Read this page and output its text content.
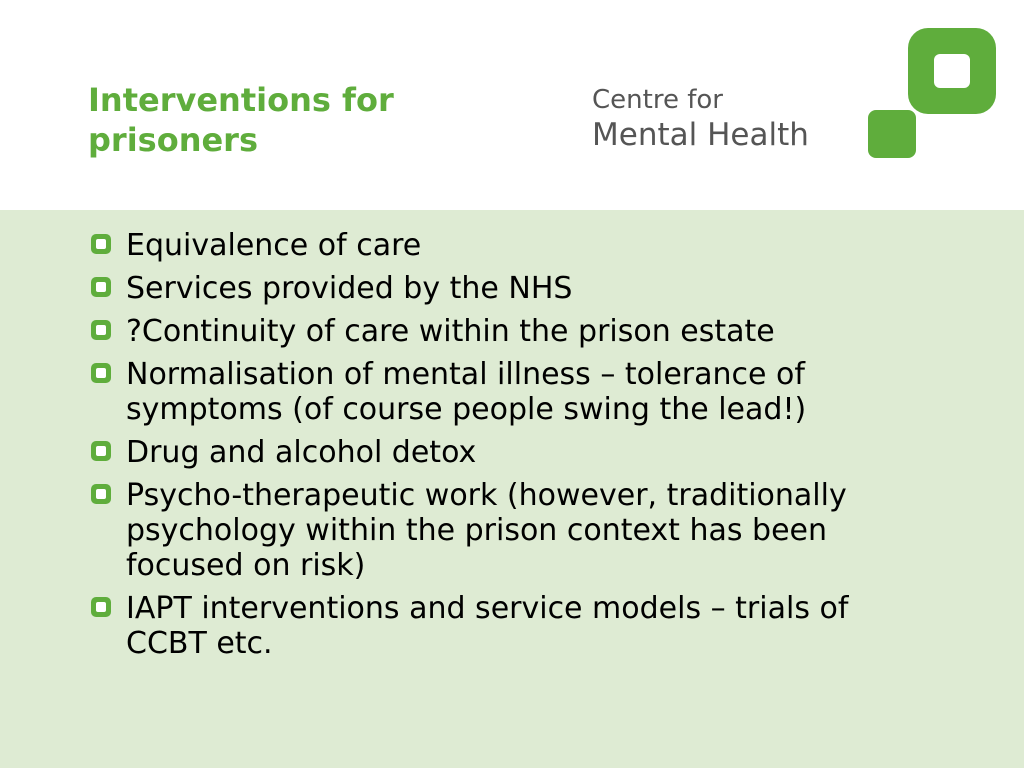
Interventions for prisoners
Centre for
Mental Health
Equivalence of care
Services provided by the NHS
?Continuity of care within the prison estate
Normalisation of mental illness – tolerance of symptoms (of course people swing the lead!)
Drug and alcohol detox
Psycho-therapeutic work (however, traditionally psychology within the prison context has been focused on risk)
IAPT interventions and service models – trials of CCBT etc.
